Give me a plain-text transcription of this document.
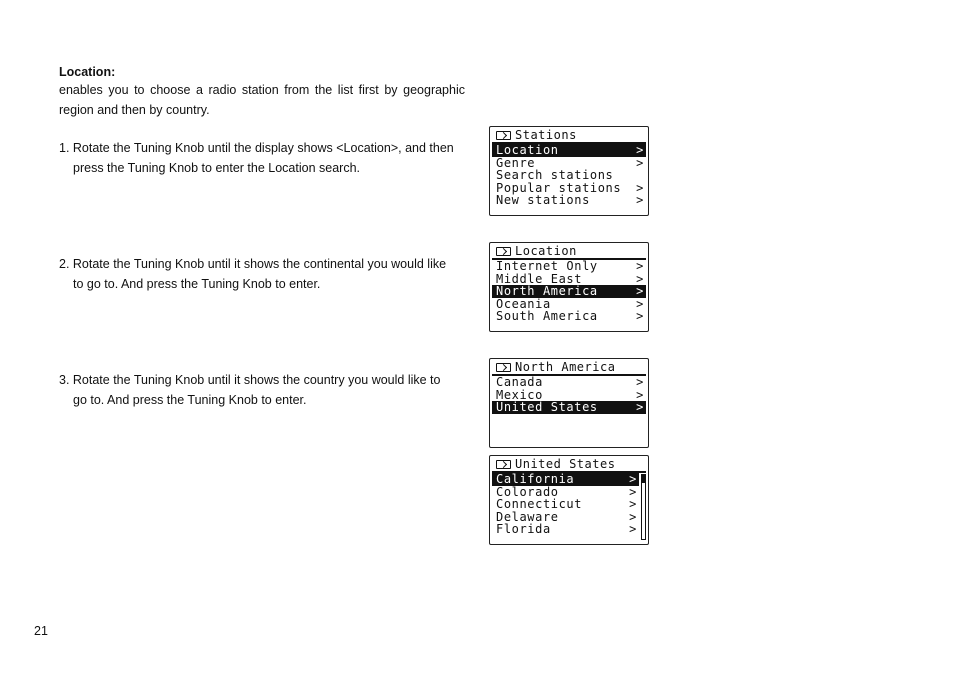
Location:
enables you to choose a radio station from the list first by geographic region and then by country.
1. Rotate the Tuning Knob until the display shows <Location>, and then
press the Tuning Knob to enter the Location search.
2. Rotate the Tuning Knob until it shows the continental you would like
to go to. And press the Tuning Knob to enter.
3. Rotate the Tuning Knob until it shows the country you would like to
go to. And press the Tuning Knob to enter.
Stations
Location	>
Genre	>
Search stations
Popular stations >
New stations	>
Location
Internet Only	>
Middle East	>
North America	>
Oceania	>
South America	>
North America
Canada	>
Mexico	>
United States	>
United States
California	>
Colorado	>
Connecticut	>
Delaware	>
Florida	>
21
